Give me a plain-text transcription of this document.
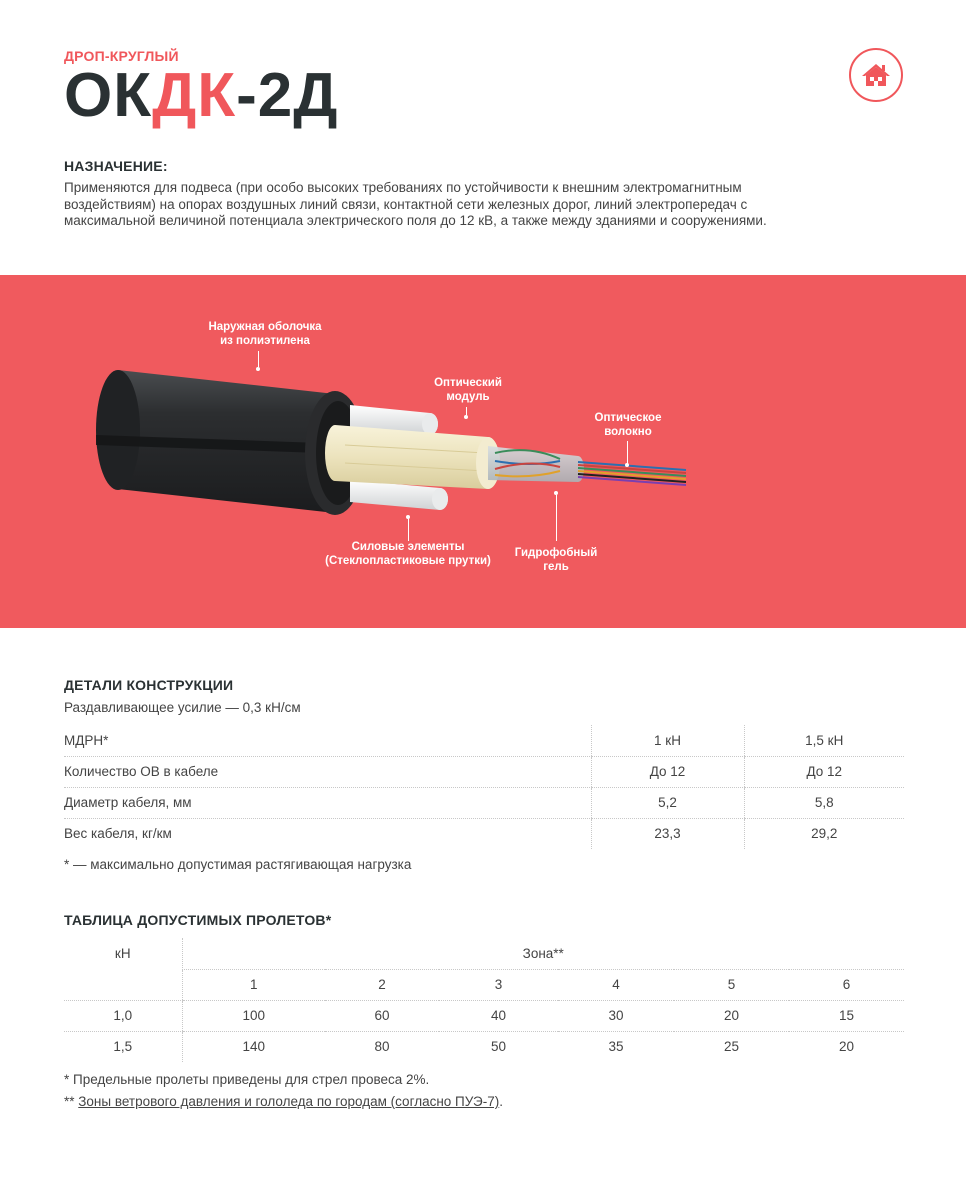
ДРОП-КРУГЛЫЙ
ОКДК-2Д
НАЗНАЧЕНИЕ:

Применяются для подвеса (при особо высоких требованиях по устойчивости к внешним электромагнитным воздействиям) на опорах воздушных линий связи, контактной сети железных дорог, линий электропередач с максимальной величиной потенциала электрического поля до 12 кВ, а также между зданиями и сооружениями.

Наружная оболочка
из полиэтилена
Оптический
модуль
Оптическое
волокно
Силовые элементы
(Стеклопластиковые прутки)
Гидрофобный
гель
ДЕТАЛИ КОНСТРУКЦИИ
Раздавливающее усилие — 0,3 кН/см
МДРН*	1 кН	1,5 кН
Количество ОВ в кабеле	До 12	До 12
Диаметр кабеля, мм	5,2	5,8
Вес кабеля, кг/км	23,3	29,2
* — максимально допустимая растягивающая нагрузка
ТАБЛИЦА ДОПУСТИМЫХ ПРОЛЕТОВ*
кН	Зона**					
	1	2	3	4	5	6
1,0	100	60	40	30	20	15
1,5	140	80	50	35	25	20
* Предельные пролеты приведены для стрел провеса 2%.
** Зоны ветрового давления и гололеда по городам (согласно ПУЭ-7).
